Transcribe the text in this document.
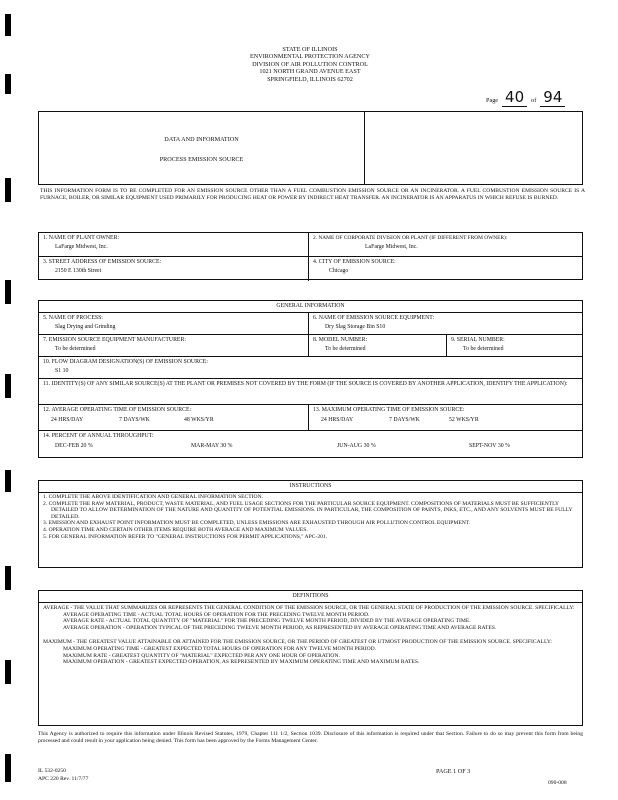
STATE OF ILLINOIS
ENVIRONMENTAL PROTECTION AGENCY
DIVISION OF AIR POLLUTION CONTROL
1021 NORTH GRAND AVENUE EAST
SPRINGFIELD, ILLINOIS 62702
Page 40 of 94
DATA AND INFORMATION
PROCESS EMISSION SOURCE
THIS INFORMATION FORM IS TO BE COMPLETED FOR AN EMISSION SOURCE OTHER THAN A FUEL COMBUSTION EMISSION SOURCE OR AN INCINERATOR. A FUEL COMBUSTION EMISSION SOURCE IS A FURNACE, BOILER, OR SIMILAR EQUIPMENT USED PRIMARILY FOR PRODUCING HEAT OR POWER BY INDIRECT HEAT TRANSFER. AN INCINERATOR IS AN APPARATUS IN WHICH REFUSE IS BURNED.
1. NAME OF PLANT OWNER:
LaFarge Midwest, Inc.
2. NAME OF CORPORATE DIVISION OR PLANT (IF DIFFERENT FROM OWNER):
LaFarge Midwest, Inc.
3. STREET ADDRESS OF EMISSION SOURCE:
2150 E 130th Street
4. CITY OF EMISSION SOURCE:
Chicago
GENERAL INFORMATION
5. NAME OF PROCESS:
Slag Drying and Grinding
6. NAME OF EMISSION SOURCE EQUIPMENT:
Dry Slag Storage Bin S10
7. EMISSION SOURCE EQUIPMENT MANUFACTURER:
To be determined
8. MODEL NUMBER:
To be determined
9. SERIAL NUMBER:
To be determined
10. FLOW DIAGRAM DESIGNATION(S) OF EMISSION SOURCE:
S1 10
11. IDENTITY(S) OF ANY SIMILAR SOURCE(S) AT THE PLANT OR PREMISES NOT COVERED BY THE FORM (IF THE SOURCE IS COVERED BY ANOTHER APPLICATION, IDENTIFY THE APPLICATION):
12. AVERAGE OPERATING TIME OF EMISSION SOURCE:
24 HRS/DAY	7 DAYS/WK	48 WKS/YR
13. MAXIMUM OPERATING TIME OF EMISSION SOURCE:
24 HRS/DAY	7 DAYS/WK	52 WKS/YR
14. PERCENT OF ANNUAL THROUGHPUT:
DEC-FEB 20 %	MAR-MAY 30 %	JUN-AUG 30 %	SEPT-NOV 30 %
INSTRUCTIONS
1. COMPLETE THE ABOVE IDENTIFICATION AND GENERAL INFORMATION SECTION.
2. COMPLETE THE RAW MATERIAL, PRODUCT, WASTE MATERIAL, AND FUEL USAGE SECTIONS FOR THE PARTICULAR SOURCE EQUIPMENT. COMPOSITIONS OF MATERIALS MUST BE SUFFICIENTLY DETAILED TO ALLOW DETERMINATION OF THE NATURE AND QUANTITY OF POTENTIAL EMISSIONS. IN PARTICULAR, THE COMPOSITION OF PAINTS, INKS, ETC., AND ANY SOLVENTS MUST BE FULLY DETAILED.
3. EMISSION AND EXHAUST POINT INFORMATION MUST BE COMPLETED, UNLESS EMISSIONS ARE EXHAUSTED THROUGH AIR POLLUTION CONTROL EQUIPMENT.
4. OPERATION TIME AND CERTAIN OTHER ITEMS REQUIRE BOTH AVERAGE AND MAXIMUM VALUES.
5. FOR GENERAL INFORMATION REFER TO "GENERAL INSTRUCTIONS FOR PERMIT APPLICATIONS," APC-201.
DEFINITIONS
AVERAGE - THE VALUE THAT SUMMARIZES OR REPRESENTS THE GENERAL CONDITION OF THE EMISSION SOURCE, OR THE GENERAL STATE OF PRODUCTION OF THE EMISSION SOURCE. SPECIFICALLY:
AVERAGE OPERATING TIME - ACTUAL TOTAL HOURS OF OPERATION FOR THE PRECEDING TWELVE MONTH PERIOD.
AVERAGE RATE - ACTUAL TOTAL QUANTITY OF "MATERIAL" FOR THE PRECEDING TWELVE MONTH PERIOD, DIVIDED BY THE AVERAGE OPERATING TIME.
AVERAGE OPERATION - OPERATION TYPICAL OF THE PRECEDING TWELVE MONTH PERIOD, AS REPRESENTED BY AVERAGE OPERATING TIME AND AVERAGE RATES.
MAXIMUM - THE GREATEST VALUE ATTAINABLE OR ATTAINED FOR THE EMISSION SOURCE, OR THE PERIOD OF GREATEST OR UTMOST PRODUCTION OF THE EMISSION SOURCE. SPECIFICALLY:
MAXIMUM OPERATING TIME - GREATEST EXPECTED TOTAL HOURS OF OPERATION FOR ANY TWELVE MONTH PERIOD.
MAXIMUM RATE - GREATEST QUANTITY OF "MATERIAL" EXPECTED PER ANY ONE HOUR OF OPERATION.
MAXIMUM OPERATION - GREATEST EXPECTED OPERATION, AS REPRESENTED BY MAXIMUM OPERATING TIME AND MAXIMUM RATES.
This Agency is authorized to require this information under Illinois Revised Statutes, 1979, Chapter 111 1/2, Section 1039. Disclosure of this information is required under that Section. Failure to do so may prevent this form from being processed and could result in your application being denied. This form has been approved by the Forms Management Center.
IL 532-0250
APC 220 Rev. 11/7/77
PAGE 1 OF 3
090-008
